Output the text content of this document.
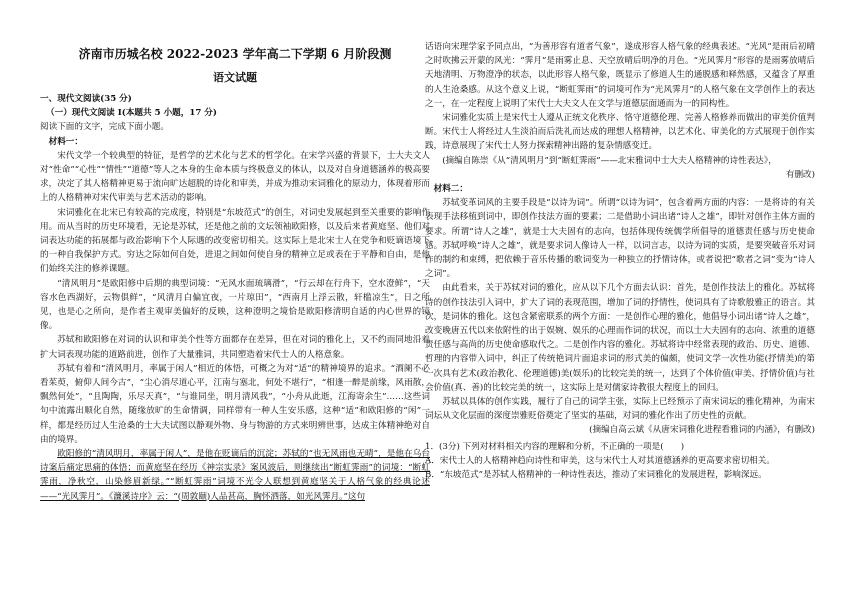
济南市历城名校 2022-2023 学年高二下学期 6 月阶段测
语文试题

一、现代文阅读(35 分)

（一）现代文阅读 I(本题共 5 小题，17 分)

阅读下面的文字，完成下面小题。

材料一：

宋代文学一个较典型的特征，是哲学的艺术化与艺术的哲学化。在宋学兴盛的背景下，士大夫文人对“性命”“心性”“情性”“道德”等人之本身的生命本质与终极意义的体认，以及对自身道德涵养的极高要求，决定了其人格精神更易于流向旷达超脱的诗化和审美，并成为推动宋词雅化的原动力，体现着形而上的人格精神对宋代审美与艺术活动的影响。

宋词雅化在北宋已有较高的完成度，特别是“东坡范式”的创生，对词史发展起到至关重要的影响作用。而从当时的历史环境看，无论是苏轼，还是他之前的文坛领袖欧阳修，以及后来者黄庭坚、他们对词表达功能的拓展都与政治影响下个人际遇的改变密切相关。这实际上是北宋士人在党争和贬谪语境下的一种自我保护方式。穷达之际如何自处，进退之间如何使自身的精神立足或表在于平静和自由，是他们始终关注的修养课题。

“清风明月”是欧阳修中后期的典型词境：“无风水面琉璃滑”，“行云却在行舟下，空水澄鲜”，“天容水色西湖好，云物俱鲜”，“风清月白偏宜夜，一片琼田”，“西南月上浮云散，轩槛凉生”，日之所见，也是心之所向，是作者主观审美偏好的反映，这种澄明之境恰是欧阳修清明自适的内心世界的镜像。

苏轼和欧阳修在对词的认识和审美个性等方面都存在差异，但在对词的雅化上，又不约而同地沿着扩大词表现功能的道路前进，创作了大量雅词，共同塑造着宋代士人的人格意象。

苏轼有着和“清风明月，率属于闲人”相近的体悟，可概之为对“适”的精神境界的追求。“酒阑不必看茱萸，俯仰人间今古”，“尘心消尽道心平，江南与塞北，何处不堪行”，“相逢一醉是前缘，风雨散，飘然何处”，“且陶陶，乐尽天真”，“与谁同坐，明月清风我”，“小舟从此逝，江海寄余生”……这些词句中流露出顺化自然，随缘放旷的生命情调，同样带有一种人生安乐感，这种“适”和欧阳修的“闲”一样，都是经历过人生沧桑的士大夫试图以静观外物、身与物游的方式来明辨世事，达成主体精神绝对自由的境界。

欧阳修的“清风明月，率属于闲人”，是他在贬谪后的沉淀；苏轼的“也无风雨也无晴”，是他在乌台诗案后痛定思痛的体悟；而黄庭坚在经历《神宗实录》案风波后，则继续出“断虹霁雨”的词境：“断虹霁雨，净秋空，山染修眉新绿。”“断虹霁雨”词境不光令人联想到黄庭坚关于人格气象的经典论述——“光风霁月”。《濂溪诗序》云：“(周敦颐)人品甚高，胸怀洒落，如光风霁月。”这句

话语向宋理学家予同点出，“为善形容有道者气象”，遂成形容人格气象的经典表述。“光风”是雨后初晴之时吹拂云开蒙的风光：“霁月”是雨雾止息、天空放晴后明净的月色。“光风霁月”形容的是雨雾放晴后天地清明、万物澄净的状态，以此形容人格气象，既显示了修道人生的通脱感和释然感，又蕴含了厚重的人生沧桑感。从这个意义上说，“断虹霁雨”的词境可作为“光风霁月”的人格气象在文学创作上的表达之一，在一定程度上说明了宋代士大夫文人在文学与道德层面通而为一的同构性。

宋词雅化实质上是宋代士人遵从正统文化秩序、恪守道德伦理、完善人格修养而做出的审美价值判断。宋代士人将经过人生淡泊而后洗礼而达成的理想人格精神，以艺术化、审美化的方式展现于创作实践，诗意展现了宋代士人努力探索精神出路的复杂情感变迁。

(摘编自陈崇《从“清风明月”到“断虹霁雨”——北宋雅词中士大夫人格精神的诗性表达》，

有删改)

材料二：

苏轼变革词风的主要手段是“以诗为词”。所谓“以诗为词”，包含着两方面的内容：一是将诗的有关表现手法移植到词中，即创作技法方面的要素；二是借助小词出诸“诗人之雄”，即针对创作主体方面的要求。所谓“诗人之雄”，就是士大夫固有的志向，包括体现传统儒学所倡导的道德责任感与历史使命感。苏轼呼唤“诗人之雄”，就是要求词人像诗人一样，以词言志，以诗为词的实质，是要突破音乐对词作的制约和束缚，把依赖于音乐传播的歌词变为一种独立的抒情诗体，或者说把“歌者之词”变为“诗人之词”。

由此看来，关于苏轼对词的雅化，应从以下几个方面去认识：首先，是创作技法上的雅化。苏轼将诗的创作技法引入词中，扩大了词的表现范围，增加了词的抒情性，使词具有了诗歌般雅正的语言。其次，是词体的雅化。这包含紧密联系的两个方面：一是创作心理的雅化，他倡导小词出诸“诗人之雄”，改变晚唐五代以来依附性的出于娱婉、娱乐的心理而作词的状况，而以士大夫固有的志向、浓重的道德责任感与高尚的历史使命感取代之。二是创作内容的雅化。苏轼将诗中经常表现的政治、历史、道德、哲理的内容带入词中，纠正了传统艳词片面追求词的形式美的偏颇，使词文学一次性功能(抒情美)的第一次具有艺术(政治教化、伦理道德)美(娱乐)的比较完美的统一，达到了个体价值(审美、抒情价值)与社会价值(真、善)的比较完美的统一，这实际上是对儒家诗教很大程度上的回归。

苏轼以具体的创作实践，履行了自己的词学主张，实际上已经预示了南宋词坛的雅化精神，为南宋词坛从文化层面的深度崇雅贬俗奠定了坚实的基础，对词的雅化作出了历史性的贡献。

(摘编自高云斌《从唐宋词雅化进程看雅词的内涵》，有删改)

1．(3分) 下列对材料相关内容的理解和分析，不正确的一项是(　　)

A．宋代士人的人格精神趋向诗性和审美，这与宋代士人对其道德涵养的更高要求密切相关。

B．“东坡范式”是苏轼人格精神的一种诗性表达，推动了宋词雅化的发展进程，影响深远。
